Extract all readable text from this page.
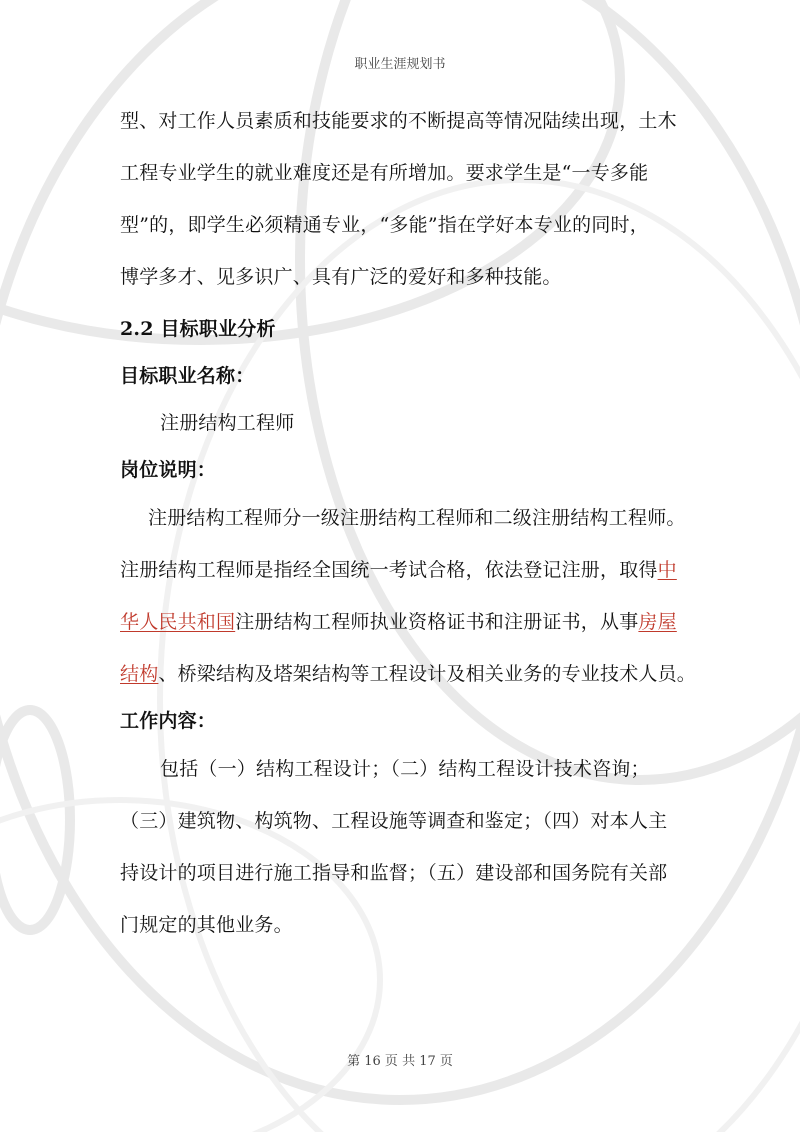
职业生涯规划书
型、对工作人员素质和技能要求的不断提高等情况陆续出现，土木
工程专业学生的就业难度还是有所增加。要求学生是“一专多能
型”的，即学生必须精通专业，“多能”指在学好本专业的同时，
博学多才、见多识广、具有广泛的爱好和多种技能。
2.2 目标职业分析
目标职业名称：
注册结构工程师
岗位说明：
注册结构工程师分一级注册结构工程师和二级注册结构工程师。
注册结构工程师是指经全国统一考试合格，依法登记注册，取得中
华人民共和国注册结构工程师执业资格证书和注册证书，从事房屋
结构、桥梁结构及塔架结构等工程设计及相关业务的专业技术人员。
工作内容：
包括（一）结构工程设计；（二）结构工程设计技术咨询；
（三）建筑物、构筑物、工程设施等调查和鉴定；（四）对本人主
持设计的项目进行施工指导和监督；（五）建设部和国务院有关部
门规定的其他业务。
第 16 页 共 17 页
